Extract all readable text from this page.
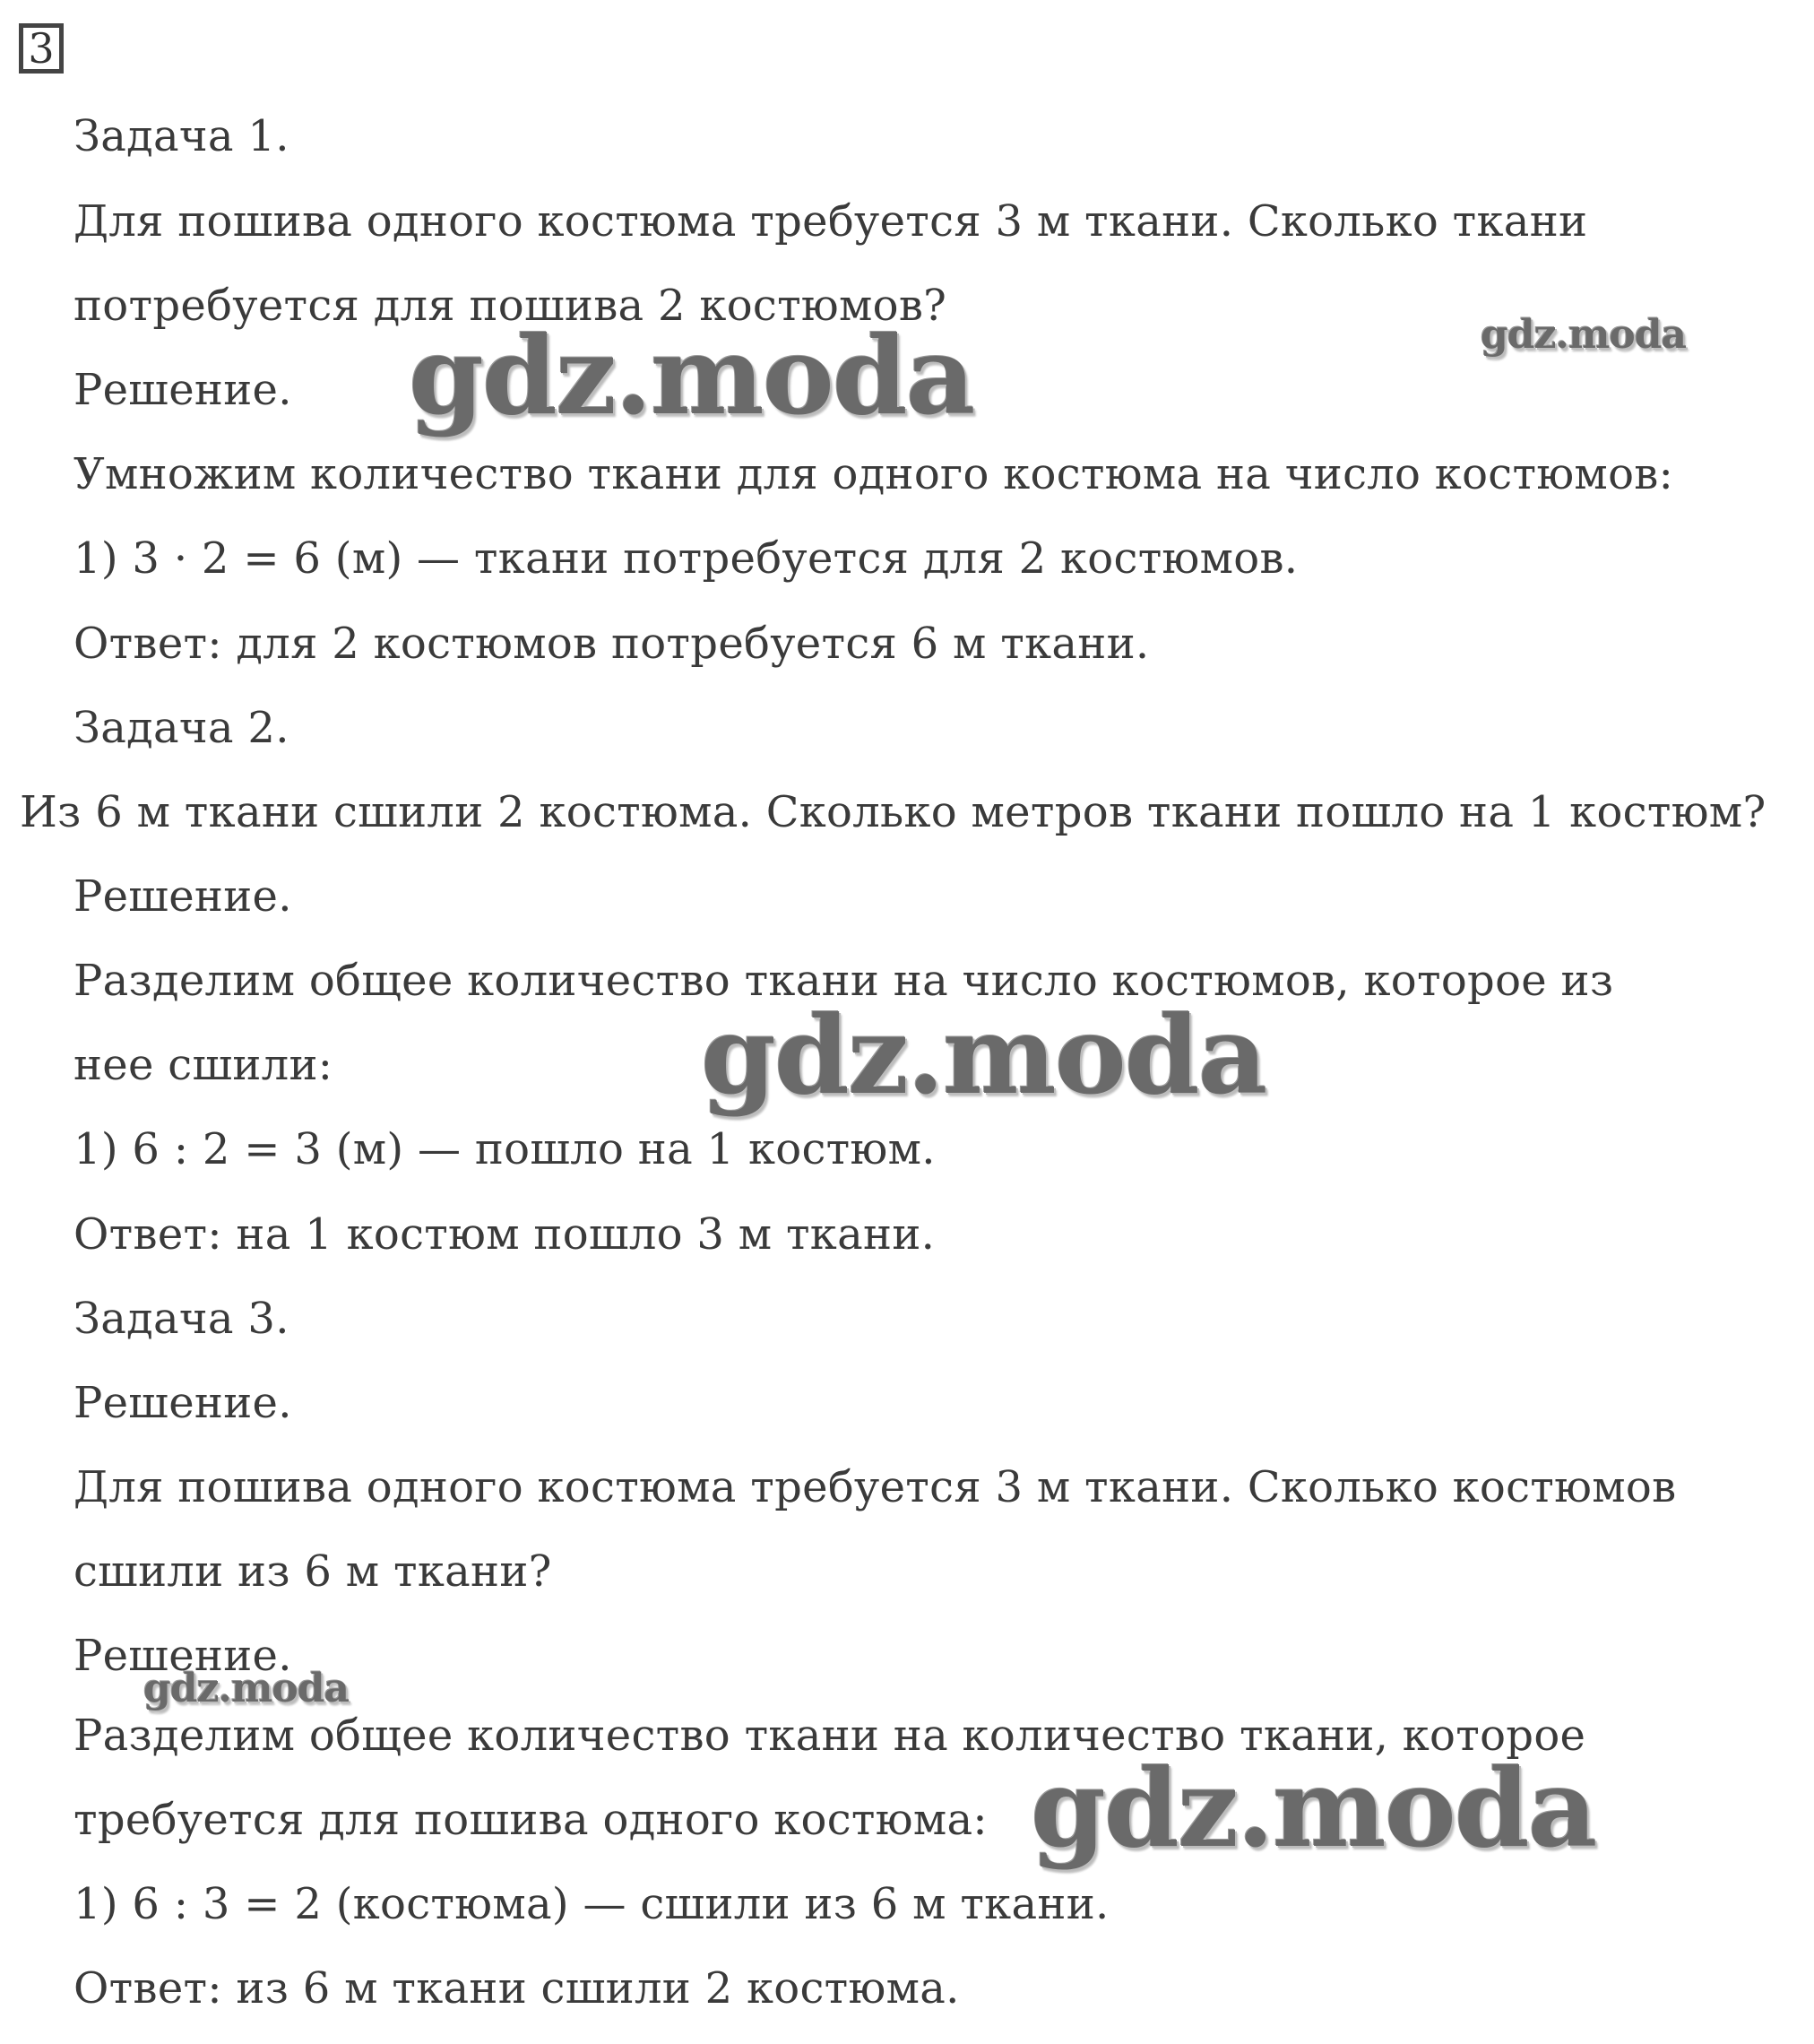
3
Задача 1.
Для пошива одного костюма требуется 3 м ткани. Сколько ткани
потребуется для пошива 2 костюмов?
Решение.
Умножим количество ткани для одного костюма на число костюмов:
1) 3 · 2 = 6 (м) — ткани потребуется для 2 костюмов.
Ответ: для 2 костюмов потребуется 6 м ткани.
Задача 2.
Из 6 м ткани сшили 2 костюма. Сколько метров ткани пошло на 1 костюм?
Решение.
Разделим общее количество ткани на число костюмов, которое из
нее сшили:
1) 6 : 2 = 3 (м) — пошло на 1 костюм.
Ответ: на 1 костюм пошло 3 м ткани.
Задача 3.
Решение.
Для пошива одного костюма требуется 3 м ткани. Сколько костюмов
сшили из 6 м ткани?
Решение.
Разделим общее количество ткани на количество ткани, которое
требуется для пошива одного костюма:
1) 6 : 3 = 2 (костюма) — сшили из 6 м ткани.
Ответ: из 6 м ткани сшили 2 костюма.
gdz.moda	gdz.moda
gdz.moda
gdz.moda
gdz.moda
